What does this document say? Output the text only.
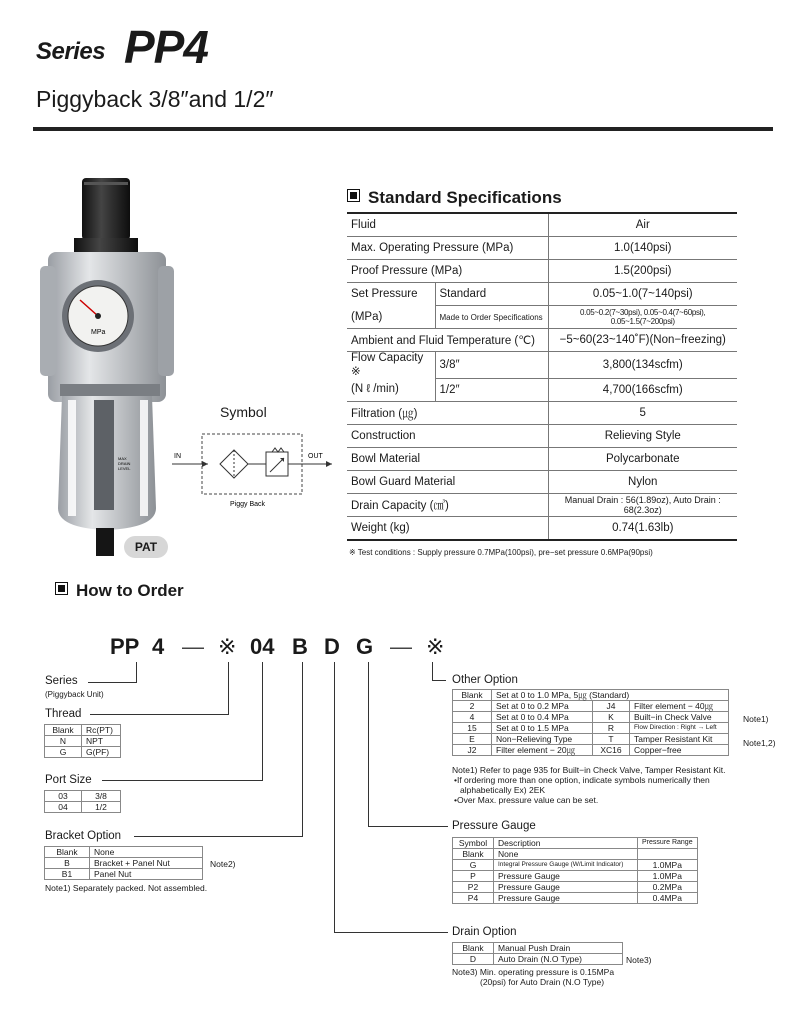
Series PP4
Piggyback 3/8″and 1/2″
MPa
MAX
DRAIN
LEVEL
PAT
Symbol
IN	OUT
Piggy Back
Standard Specifications
Fluid		Air
Max. Operating Pressure (MPa)		1.0(140psi)
Proof Pressure (MPa)		1.5(200psi)
Set Pressure	Standard	0.05~1.0(7~140psi)
(MPa)	Made to Order Specifications	0.05~0.2(7~30psi), 0.05~0.4(7~60psi), 0.05~1.5(7~200psi)
Ambient and Fluid Temperature (℃)		−5~60(23~140˚F)(Non−freezing)
Flow Capacity ※	3/8″	3,800(134scfm)
(N ℓ /min)	1/2″	4,700(166scfm)
Filtration (㎍)		5
Construction		Relieving Style
Bowl Material		Polycarbonate
Bowl Guard Material		Nylon
Drain Capacity (㎤)		Manual Drain : 56(1.89oz), Auto Drain : 68(2.3oz)
Weight (kg)		0.74(1.63lb)
※ Test conditions : Supply pressure 0.7MPa(100psi), pre−set pressure 0.6MPa(90psi)
How to Order
PP 4 — ※ 04 B D G — ※
Series
(Piggyback Unit)
Thread
Blank	Rc(PT)
N	NPT
G	G(PF)
Port Size
03	3/8
04	1/2
Bracket Option
Blank	None
B	Bracket + Panel Nut
B1	Panel Nut
Note2)
Note1) Separately packed. Not assembled.
Other Option
Blank	Set at 0 to 1.0 MPa, 5㎍ (Standard)		
2	Set at 0 to 0.2 MPa	J4	Filter element − 40㎍
4	Set at 0 to 0.4 MPa	K	Built−in Check Valve
15	Set at 0 to 1.5 MPa	R	Flow Direction : Right → Left
E	Non−Relieving Type	T	Tamper Resistant Kit
J2	Filter element − 20㎍	XC16	Copper−free
Note1)
Note1,2)
Note1) Refer to page 935 for Built−in Check Valve, Tamper Resistant Kit.
•If ordering more than one option, indicate symbols numerically then
alphabetically Ex) 2EK
•Over Max. pressure value can be set.
Pressure Gauge
Symbol	Description	Pressure Range
Blank	None	
G	Integral Pressure Gauge (W/Limit Indicator)	1.0MPa
P	Pressure Gauge	1.0MPa
P2	Pressure Gauge	0.2MPa
P4	Pressure Gauge	0.4MPa
Drain Option
Blank	Manual Push Drain
D	Auto Drain (N.O Type)	Note3)
Note3) Min. operating pressure is 0.15MPa
(20psi) for Auto Drain (N.O Type)
